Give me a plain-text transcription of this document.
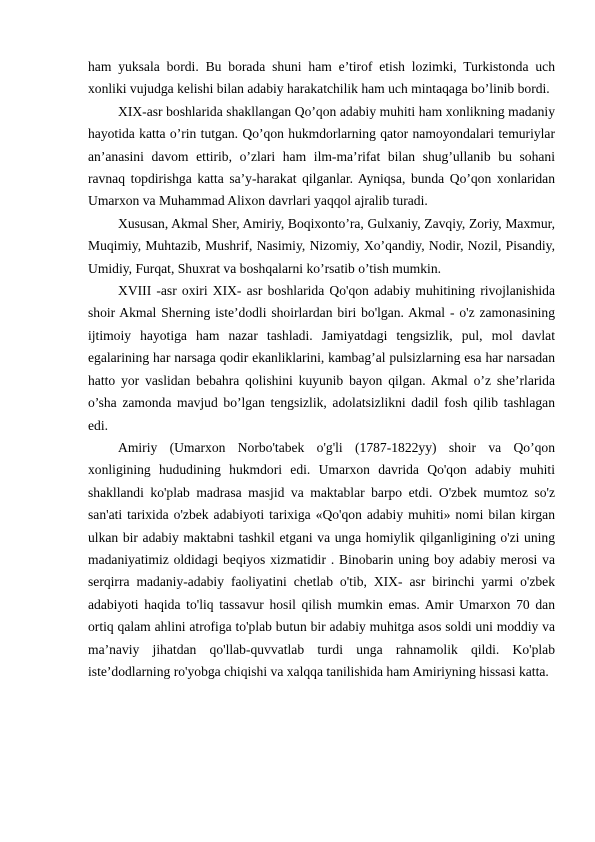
ham yuksala bordi. Bu borada shuni ham e’tirof etish lozimki, Turkistonda uch xonliki vujudga kelishi bilan adabiy harakatchilik ham uch mintaqaga bo’linib bordi.

XIX-asr boshlarida shakllangan Qo’qon adabiy muhiti ham xonlikning madaniy hayotida katta o’rin tutgan. Qo’qon hukmdorlarning qator namoyondalari temuriylar an’anasini davom ettirib, o’zlari ham ilm-ma’rifat bilan shug’ullanib bu sohani ravnaq topdirishga katta sa’y-harakat qilganlar. Ayniqsa, bunda Qo’qon xonlaridan Umarxon va Muhammad Alixon davrlari yaqqol ajralib turadi.

Xususan, Akmal Sher, Amiriy, Boqixonto’ra, Gulxaniy, Zavqiy, Zoriy, Maxmur, Muqimiy, Muhtazib, Mushrif, Nasimiy, Nizomiy, Xo’qandiy, Nodir, Nozil, Pisandiy, Umidiy, Furqat, Shuxrat va boshqalarni ko’rsatib o’tish mumkin.

XVIII -asr oxiri XIX- asr boshlarida Qo'qon adabiy muhitining rivojlanishida shoir Akmal Sherning iste’dodli shoirlardan biri bo'lgan. Akmal - o'z zamonasining ijtimoiy hayotiga ham nazar tashladi. Jamiyatdagi tengsizlik, pul, mol davlat egalarining har narsaga qodir ekanliklarini, kambag’al pulsizlarning esa har narsadan hatto yor vaslidan bebahra qolishini kuyunib bayon qilgan. Akmal o’z she’rlarida o’sha zamonda mavjud bo’lgan tengsizlik, adolatsizlikni dadil fosh qilib tashlagan edi.

Amiriy (Umarxon Norbo'tabek o'g'li (1787-1822yy) shoir va Qo’qon xonligining hududining hukmdori edi. Umarxon davrida Qo'qon adabiy muhiti shakllandi ko'plab madrasa masjid va maktablar barpo etdi. O'zbek mumtoz so'z san'ati tarixida o'zbek adabiyoti tarixiga «Qo'qon adabiy muhiti» nomi bilan kirgan ulkan bir adabiy maktabni tashkil etgani va unga homiylik qilganligining o'zi uning madaniyatimiz oldidagi beqiyos xizmatidir . Binobarin uning boy adabiy merosi va serqirra madaniy-adabiy faoliyatini chetlab o'tib, XIX- asr birinchi yarmi o'zbek adabiyoti haqida to'liq tassavur hosil qilish mumkin emas. Amir Umarxon 70 dan ortiq qalam ahlini atrofiga to'plab butun bir adabiy muhitga asos soldi uni moddiy va ma’naviy jihatdan qo'llab-quvvatlab turdi unga rahnamolik qildi. Ko'plab iste’dodlarning ro'yobga chiqishi va xalqqa tanilishida ham Amiriyning hissasi katta.
